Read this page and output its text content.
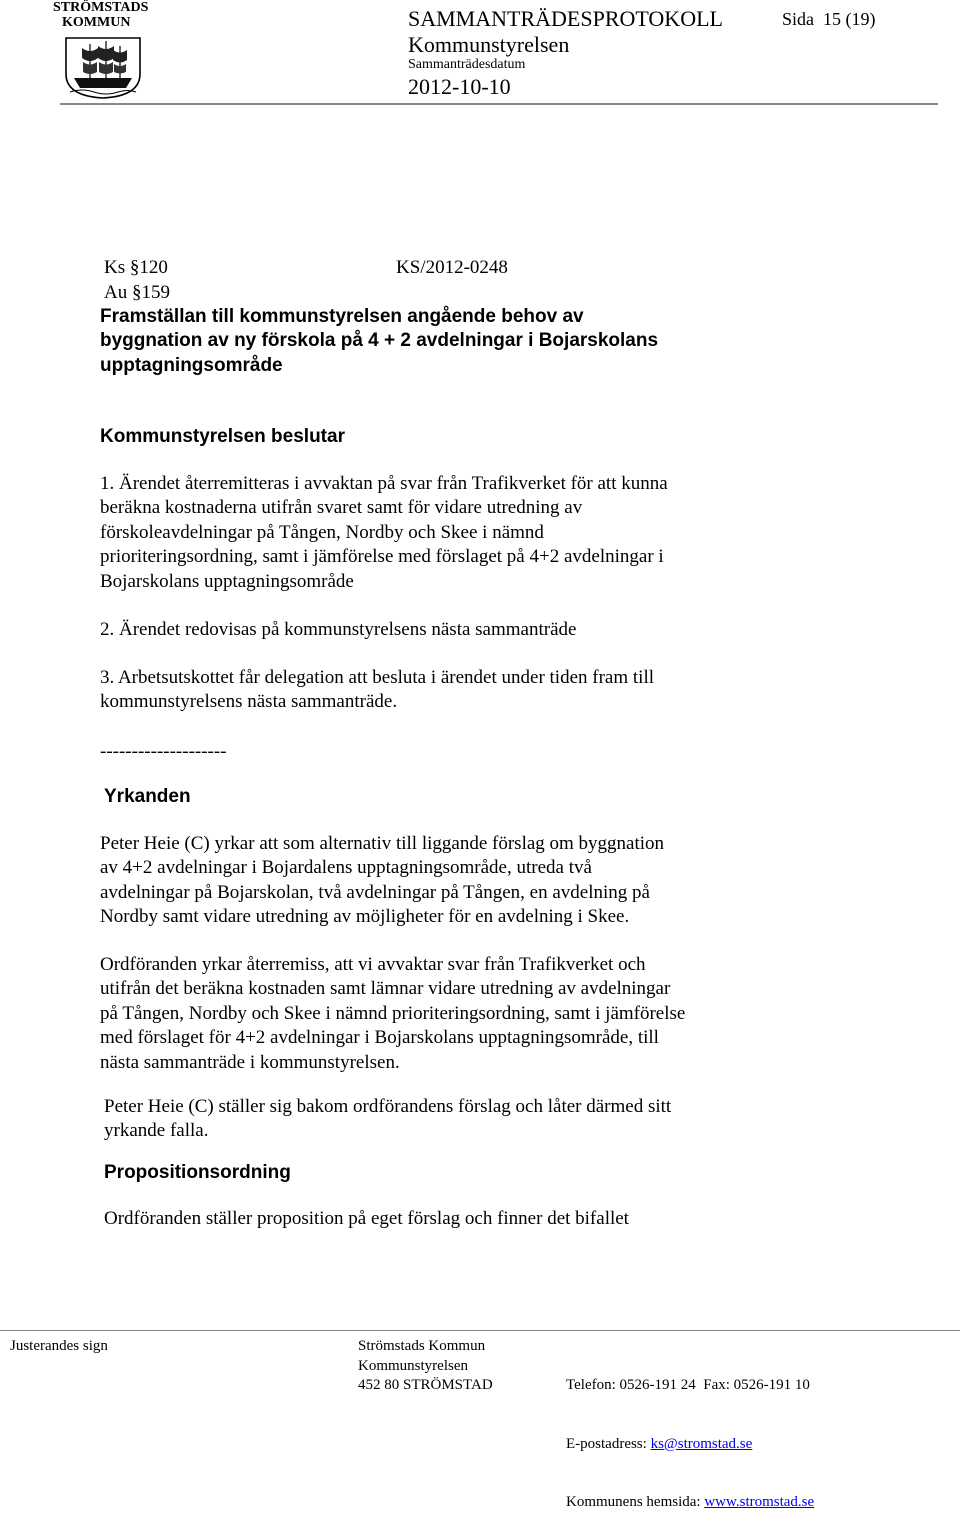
STRÖMSTADS
KOMMUN	SAMMANTRÄDESPROTOKOLL	Sida  15 (19)
Kommunstyrelsen
Sammanträdesdatum
2012-10-10
Ks §120	KS/2012-0248
Au §159
Framställan till kommunstyrelsen angående behov av
byggnation av ny förskola på 4 + 2 avdelningar i Bojarskolans
upptagningsområde
Kommunstyrelsen beslutar
1. Ärendet återremitteras i avvaktan på svar från Trafikverket för att kunna
beräkna kostnaderna utifrån svaret samt för vidare utredning av
förskoleavdelningar på Tången, Nordby och Skee i nämnd
prioriteringsordning, samt i jämförelse med förslaget på 4+2 avdelningar i
Bojarskolans upptagningsområde
2. Ärendet redovisas på kommunstyrelsens nästa sammanträde
3. Arbetsutskottet får delegation att besluta i ärendet under tiden fram till
kommunstyrelsens nästa sammanträde.
--------------------
Yrkanden
Peter Heie (C) yrkar att som alternativ till liggande förslag om byggnation
av 4+2 avdelningar i Bojardalens upptagningsområde, utreda två
avdelningar på Bojarskolan, två avdelningar på Tången, en avdelning på
Nordby samt vidare utredning av möjligheter för en avdelning i Skee.
Ordföranden yrkar återremiss, att vi avvaktar svar från Trafikverket och
utifrån det beräkna kostnaden samt lämnar vidare utredning av avdelningar
på Tången, Nordby och Skee i nämnd prioriteringsordning, samt i jämförelse
med förslaget för 4+2 avdelningar i Bojarskolans upptagningsområde, till
nästa sammanträde i kommunstyrelsen.
Peter Heie (C) ställer sig bakom ordförandens förslag och låter därmed sitt
yrkande falla.
Propositionsordning
Ordföranden ställer proposition på eget förslag och finner det bifallet
Justerandes sign	Strömstads Kommun
Kommunstyrelsen
452 80 STRÖMSTAD

	Telefon: 0526-191 24  Fax: 0526-191 10

E-postadress: ks@stromstad.se

Kommunens hemsida: www.stromstad.se
